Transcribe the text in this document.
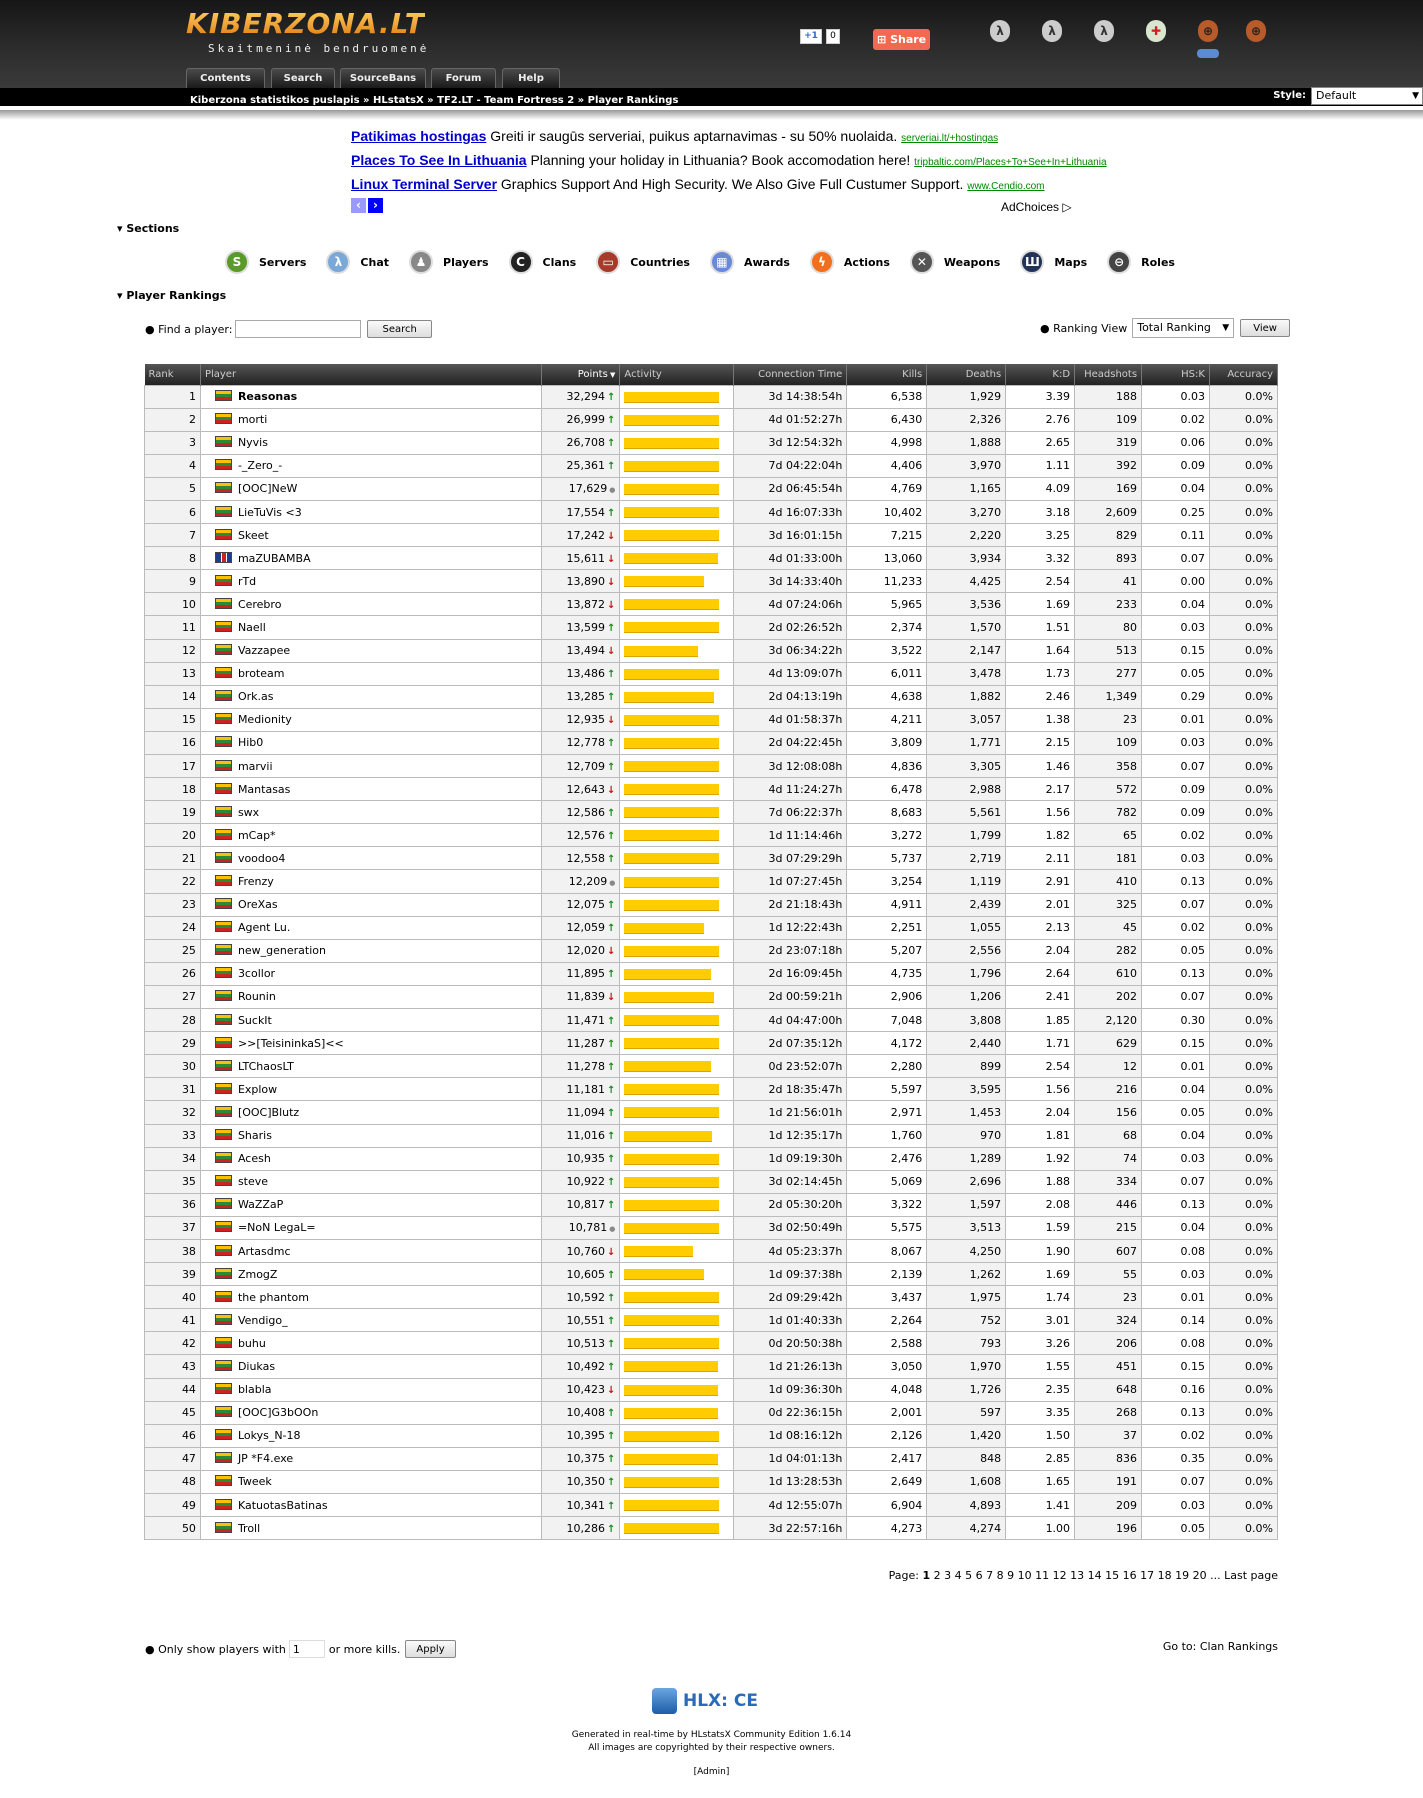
KIBERZONA.LT
Skaitmeninė bendruomenė
Contents	Search	SourceBans	Forum	Help
+1	0	⊞ Share
λ	λ	λ	✚	⊕	⊕
Kiberzona statistikos puslapis » HLstatsX » TF2.LT - Team Fortress 2 » Player Rankings	Style: Default	▼
Patikimas hostingas Greiti ir saugūs serveriai, puikus aptarnavimas - su 50% nuolaida. serveriai.lt/+hostingas
Places To See In Lithuania Planning your holiday in Lithuania? Book accomodation here! tripbaltic.com/Places+To+See+In+Lithuania
Linux Terminal Server Graphics Support And High Security. We Also Give Full Custumer Support. www.Cendio.com
‹	›	AdChoices ▷
▾ Sections
S	Servers	λ	Chat	♟	Players	C	Clans	▭	Countries	▦	Awards	ϟ	Actions	✕	Weapons	Ш	Maps	⊖	Roles
▾ Player Rankings
● Find a player:	Search	● Ranking View Total Ranking ▼	View
Rank	Player	Points ▼	Activity	Connection Time	Kills	Deaths	K:D	Headshots	HS:K	Accuracy
1	Reasonas	32,294 ↑		3d 14:38:54h	6,538	1,929	3.39	188	0.03	0.0%
2	morti	26,999 ↑		4d 01:52:27h	6,430	2,326	2.76	109	0.02	0.0%
3	Nyvis	26,708 ↑		3d 12:54:32h	4,998	1,888	2.65	319	0.06	0.0%
4	-_Zero_-	25,361 ↑		7d 04:22:04h	4,406	3,970	1.11	392	0.09	0.0%
5	[OOC]NeW	17,629 ●		2d 06:45:54h	4,769	1,165	4.09	169	0.04	0.0%
6	LieTuVis <3	17,554 ↑		4d 16:07:33h	10,402	3,270	3.18	2,609	0.25	0.0%
7	Skeet	17,242 ↓		3d 16:01:15h	7,215	2,220	3.25	829	0.11	0.0%
8	maZUBAMBA	15,611 ↓		4d 01:33:00h	13,060	3,934	3.32	893	0.07	0.0%
9	rTd	13,890 ↓		3d 14:33:40h	11,233	4,425	2.54	41	0.00	0.0%
10	Cerebro	13,872 ↓		4d 07:24:06h	5,965	3,536	1.69	233	0.04	0.0%
11	Naell	13,599 ↑		2d 02:26:52h	2,374	1,570	1.51	80	0.03	0.0%
12	Vazzapee	13,494 ↓		3d 06:34:22h	3,522	2,147	1.64	513	0.15	0.0%
13	broteam	13,486 ↑		4d 13:09:07h	6,011	3,478	1.73	277	0.05	0.0%
14	Ork.as	13,285 ↑		2d 04:13:19h	4,638	1,882	2.46	1,349	0.29	0.0%
15	Medionity	12,935 ↓		4d 01:58:37h	4,211	3,057	1.38	23	0.01	0.0%
16	Hib0	12,778 ↑		2d 04:22:45h	3,809	1,771	2.15	109	0.03	0.0%
17	marvii	12,709 ↑		3d 12:08:08h	4,836	3,305	1.46	358	0.07	0.0%
18	Mantasas	12,643 ↓		4d 11:24:27h	6,478	2,988	2.17	572	0.09	0.0%
19	swx	12,586 ↑		7d 06:22:37h	8,683	5,561	1.56	782	0.09	0.0%
20	mCap*	12,576 ↑		1d 11:14:46h	3,272	1,799	1.82	65	0.02	0.0%
21	voodoo4	12,558 ↑		3d 07:29:29h	5,737	2,719	2.11	181	0.03	0.0%
22	Frenzy	12,209 ●		1d 07:27:45h	3,254	1,119	2.91	410	0.13	0.0%
23	OreXas	12,075 ↑		2d 21:18:43h	4,911	2,439	2.01	325	0.07	0.0%
24	Agent Lu.	12,059 ↑		1d 12:22:43h	2,251	1,055	2.13	45	0.02	0.0%
25	new_generation	12,020 ↓		2d 23:07:18h	5,207	2,556	2.04	282	0.05	0.0%
26	3collor	11,895 ↑		2d 16:09:45h	4,735	1,796	2.64	610	0.13	0.0%
27	Rounin	11,839 ↓		2d 00:59:21h	2,906	1,206	2.41	202	0.07	0.0%
28	SuckIt	11,471 ↑		4d 04:47:00h	7,048	3,808	1.85	2,120	0.30	0.0%
29	>>[TeisininkaS]<<	11,287 ↑		2d 07:35:12h	4,172	2,440	1.71	629	0.15	0.0%
30	LTChaosLT	11,278 ↑		0d 23:52:07h	2,280	899	2.54	12	0.01	0.0%
31	Explow	11,181 ↑		2d 18:35:47h	5,597	3,595	1.56	216	0.04	0.0%
32	[OOC]Blutz	11,094 ↑		1d 21:56:01h	2,971	1,453	2.04	156	0.05	0.0%
33	Sharis	11,016 ↑		1d 12:35:17h	1,760	970	1.81	68	0.04	0.0%
34	Acesh	10,935 ↑		1d 09:19:30h	2,476	1,289	1.92	74	0.03	0.0%
35	steve	10,922 ↑		3d 02:14:45h	5,069	2,696	1.88	334	0.07	0.0%
36	WaZZaP	10,817 ↑		2d 05:30:20h	3,322	1,597	2.08	446	0.13	0.0%
37	=NoN LegaL=	10,781 ●		3d 02:50:49h	5,575	3,513	1.59	215	0.04	0.0%
38	Artasdmc	10,760 ↓		4d 05:23:37h	8,067	4,250	1.90	607	0.08	0.0%
39	ZmogZ	10,605 ↑		1d 09:37:38h	2,139	1,262	1.69	55	0.03	0.0%
40	the phantom	10,592 ↑		2d 09:29:42h	3,437	1,975	1.74	23	0.01	0.0%
41	Vendigo_	10,551 ↑		1d 01:40:33h	2,264	752	3.01	324	0.14	0.0%
42	buhu	10,513 ↑		0d 20:50:38h	2,588	793	3.26	206	0.08	0.0%
43	Diukas	10,492 ↑		1d 21:26:13h	3,050	1,970	1.55	451	0.15	0.0%
44	blabla	10,423 ↓		1d 09:36:30h	4,048	1,726	2.35	648	0.16	0.0%
45	[OOC]G3bOOn	10,408 ↑		0d 22:36:15h	2,001	597	3.35	268	0.13	0.0%
46	Lokys_N-18	10,395 ↑		1d 08:16:12h	2,126	1,420	1.50	37	0.02	0.0%
47	JP *F4.exe	10,375 ↑		1d 04:01:13h	2,417	848	2.85	836	0.35	0.0%
48	Tweek	10,350 ↑		1d 13:28:53h	2,649	1,608	1.65	191	0.07	0.0%
49	KatuotasBatinas	10,341 ↑		4d 12:55:07h	6,904	4,893	1.41	209	0.03	0.0%
50	Troll	10,286 ↑		3d 22:57:16h	4,273	4,274	1.00	196	0.05	0.0%
Page: 1 2 3 4 5 6 7 8 9 10 11 12 13 14 15 16 17 18 19 20 ... Last page
● Only show players with
1	or more kills.	Apply	Go to: Clan Rankings
HLX: CE
Generated in real-time by HLstatsX Community Edition 1.6.14
All images are copyrighted by their respective owners.
[Admin]
